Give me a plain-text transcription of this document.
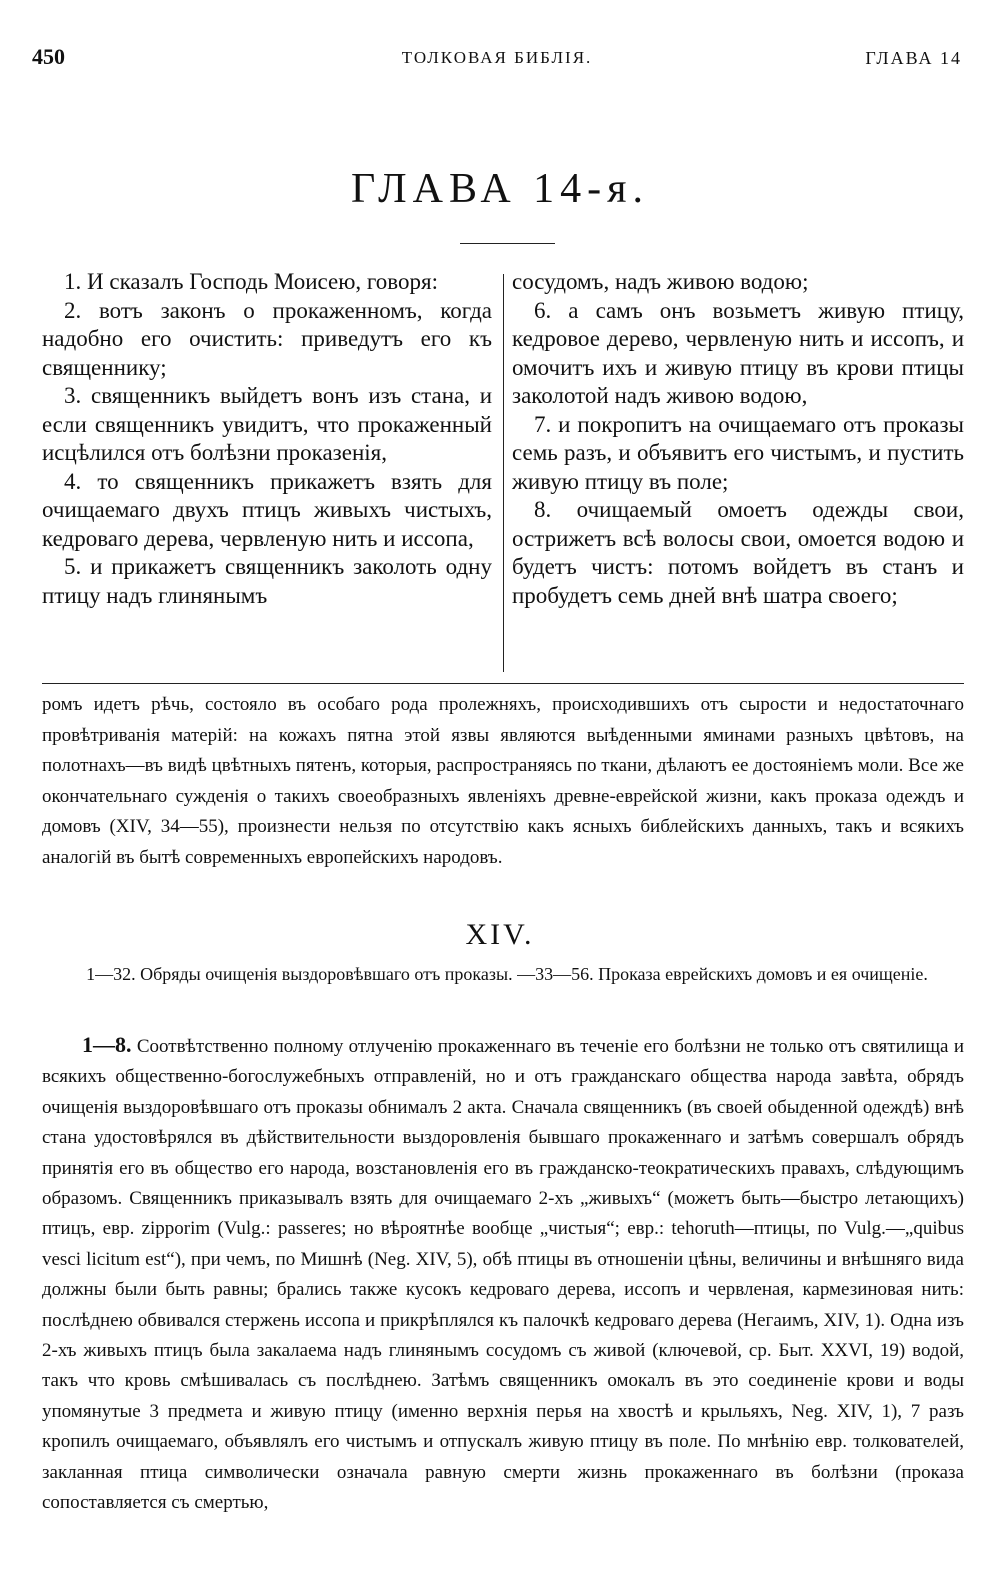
450	ТОЛКОВАЯ БИБЛІЯ.	ГЛАВА 14
ГЛАВА 14-я.

1. И сказалъ Господь Моисею, говоря:

2. вотъ законъ о прокаженномъ, когда надобно его очистить: приведутъ его къ священнику;

3. священникъ выйдетъ вонъ изъ стана, и если священникъ увидитъ, что прокаженный исцѣлился отъ болѣзни проказенія,

4. то священникъ прикажетъ взять для очищаемаго двухъ птицъ живыхъ чистыхъ, кедроваго дерева, червленую нить и иссопа,

5. и прикажетъ священникъ заколоть одну птицу надъ глинянымъ

сосудомъ, надъ живою водою;

6. а самъ онъ возьметъ живую птицу, кедровое дерево, червленую нить и иссопъ, и омочитъ ихъ и живую птицу въ крови птицы заколотой надъ живою водою,

7. и покропитъ на очищаемаго отъ проказы семь разъ, и объявитъ его чистымъ, и пустить живую птицу въ поле;

8. очищаемый омоетъ одежды свои, острижетъ всѣ волосы свои, омоется водою и будетъ чистъ: потомъ войдетъ въ станъ и пробудетъ семь дней внѣ шатра своего;

ромъ идетъ рѣчь, состояло въ особаго рода пролежняхъ, происходившихъ отъ сырости и недостаточнаго провѣтриванія матерій: на кожахъ пятна этой язвы являются выѣденными яминами разныхъ цвѣтовъ, на полотнахъ—въ видѣ цвѣтныхъ пятенъ, которыя, распространяясь по ткани, дѣлаютъ ее достояніемъ моли. Все же окончательнаго сужденія о такихъ своеобразныхъ явленіяхъ древне-еврейской жизни, какъ проказа одеждъ и домовъ (XIV, 34—55), произнести нельзя по отсутствію какъ ясныхъ библейскихъ данныхъ, такъ и всякихъ аналогій въ бытѣ современныхъ европейскихъ народовъ.

XIV.

1—32. Обряды очищенія выздоровѣвшаго отъ проказы. —33—56. Проказа еврейскихъ домовъ и ея очищеніе.

1—8. Соотвѣтственно полному отлученію прокаженнаго въ теченіе его болѣзни не только отъ святилища и всякихъ общественно-богослужебныхъ отправленій, но и отъ гражданскаго общества народа завѣта, обрядъ очищенія выздоровѣвшаго отъ проказы обнималъ 2 акта. Сначала священникъ (въ своей обыденной одеждѣ) внѣ стана удостовѣрялся въ дѣйствительности выздоровленія бывшаго прокаженнаго и затѣмъ совершалъ обрядъ принятія его въ общество его народа, возстановленія его въ гражданско-теократическихъ правахъ, слѣдующимъ образомъ. Священникъ приказывалъ взять для очищаемаго 2-хъ „живыхъ“ (можетъ быть—быстро летающихъ) птицъ, евр. zipporim (Vulg.: passeres; но вѣроятнѣе вообще „чистыя“; евр.: tehoruth—птицы, по Vulg.—„quibus vesci licitum est“), при чемъ, по Мишнѣ (Neg. XIV, 5), обѣ птицы въ отношеніи цѣны, величины и внѣшняго вида должны были быть равны; брались также кусокъ кедроваго дерева, иссопъ и червленая, кармезиновая нить: послѣднею обвивался стержень иссопа и прикрѣплялся къ палочкѣ кедроваго дерева (Негаимъ, XIV, 1). Одна изъ 2-хъ живыхъ птицъ была закалаема надъ глинянымъ сосудомъ съ живой (ключевой, ср. Быт. XXVI, 19) водой, такъ что кровь смѣшивалась съ послѣднею. Затѣмъ священникъ омокалъ въ это соединеніе крови и воды упомянутые 3 предмета и живую птицу (именно верхнія перья на хвостѣ и крыльяхъ, Neg. XIV, 1), 7 разъ кропилъ очищаемаго, объявлялъ его чистымъ и отпускалъ живую птицу въ поле. По мнѣнію евр. толкователей, закланная птица символически означала равную смерти жизнь прокаженнаго въ болѣзни (проказа сопоставляется съ смертью,
